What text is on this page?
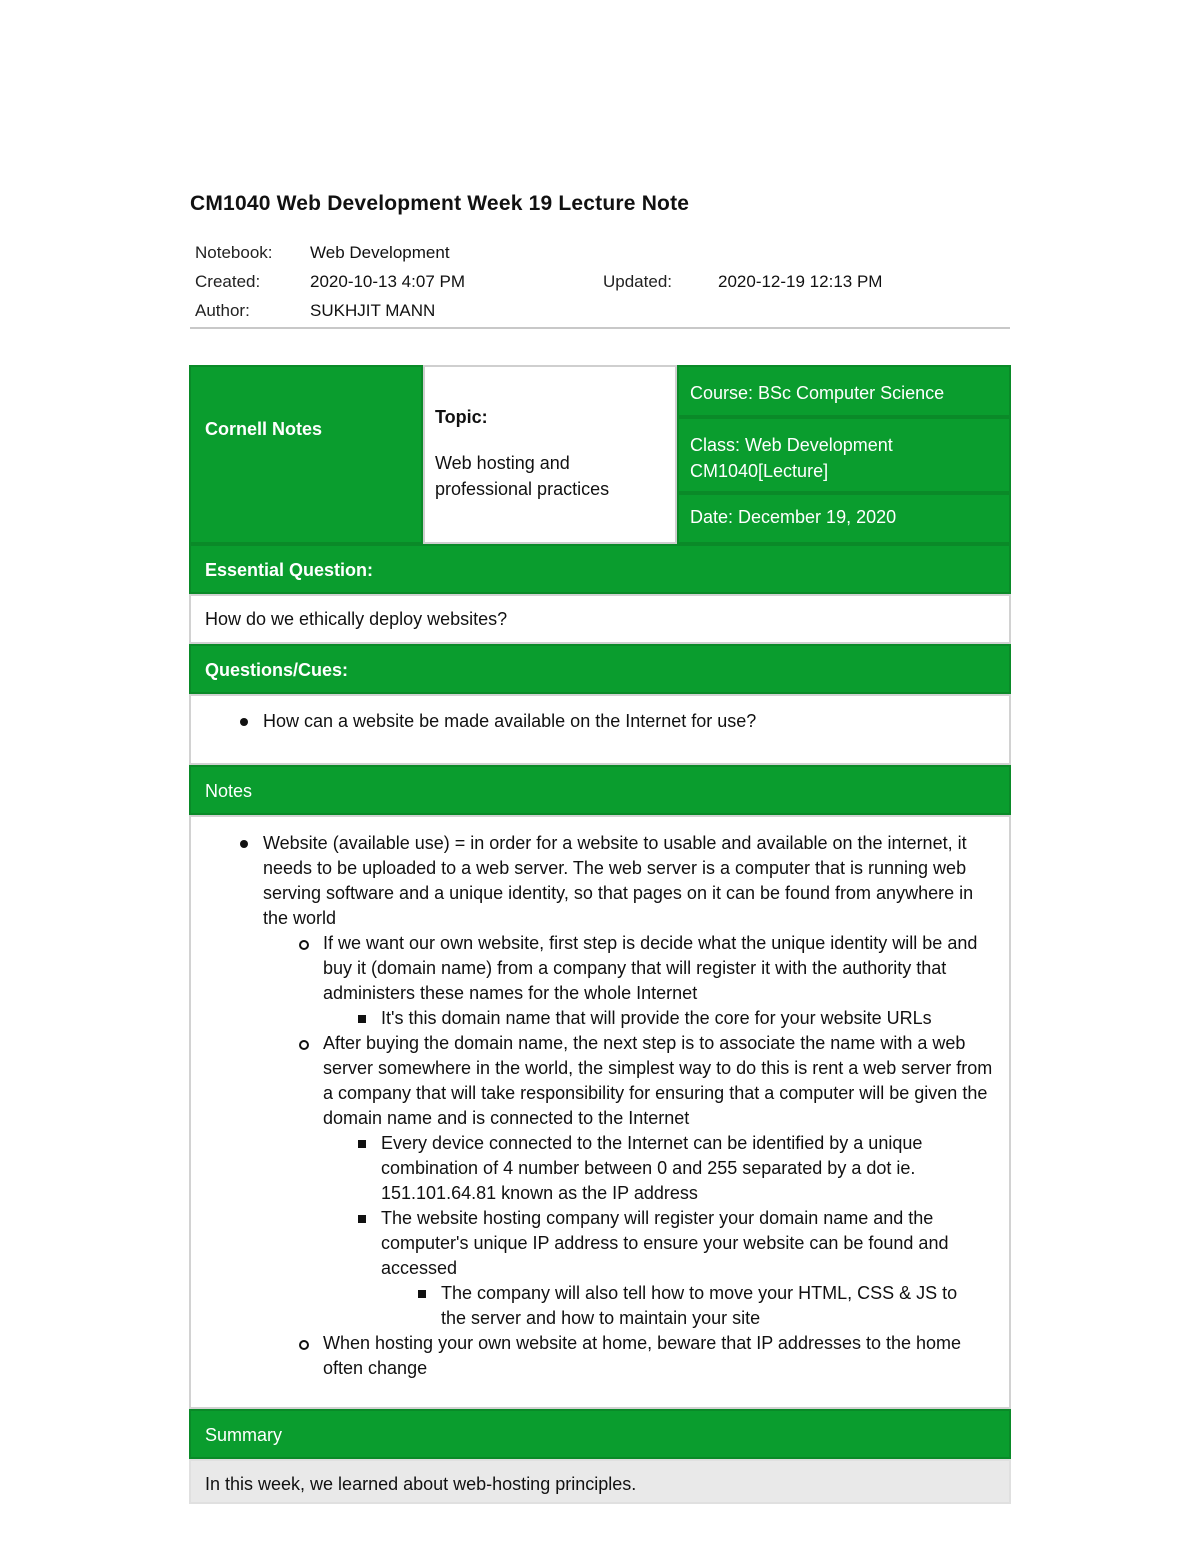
CM1040 Web Development Week 19 Lecture Note
Notebook: Web Development
Created:	2020-10-13 4:07 PM	Updated:	2020-12-19 12:13 PM
Author:	SUKHJIT MANN
Cornell Notes
Topic:
Web hosting and professional practices
Course: BSc Computer Science
Class: Web Development CM1040[Lecture]
Date: December 19, 2020
Essential Question:
How do we ethically deploy websites?
Questions/Cues:
How can a website be made available on the Internet for use?
Notes
Website (available use) = in order for a website to usable and available on the internet, it needs to be uploaded to a web server. The web server is a computer that is running web serving software and a unique identity, so that pages on it can be found from anywhere in the world
If we want our own website, first step is decide what the unique identity will be and buy it (domain name) from a company that will register it with the authority that administers these names for the whole Internet
It's this domain name that will provide the core for your website URLs
After buying the domain name, the next step is to associate the name with a web server somewhere in the world, the simplest way to do this is rent a web server from a company that will take responsibility for ensuring that a computer will be given the domain name and is connected to the Internet
Every device connected to the Internet can be identified by a unique combination of 4 number between 0 and 255 separated by a dot ie. 151.101.64.81 known as the IP address
The website hosting company will register your domain name and the computer's unique IP address to ensure your website can be found and accessed
The company will also tell how to move your HTML, CSS & JS to the server and how to maintain your site
When hosting your own website at home, beware that IP addresses to the home often change
Summary
In this week, we learned about web-hosting principles.
